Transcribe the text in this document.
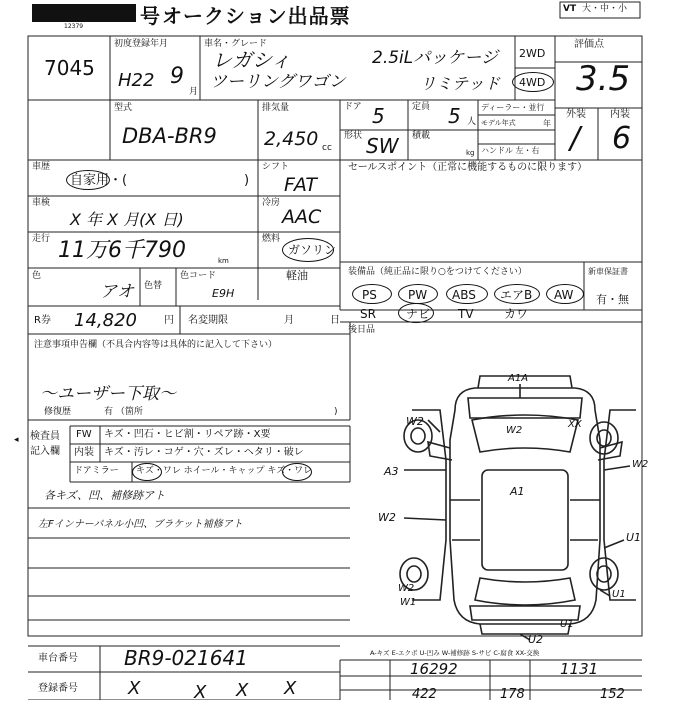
12379	号 オークション出品票	VT 大・中・小
7045
初度登録年月
H22 9
月
車名・グレード
レガシィ
ツーリングワゴン
2.5iLパッケージ
リミテッド
2WD
4WD
評価点
3.5
外装 内装
/ 6
型式
DBA-BR9
排気量
2,450 cc
ドア 5	定員 5 人
形状 SW 積載
kg
ディーラー・並行
モデル年式	年
ハンドル 左・右
車歴
自家用・(	)
シフト
FAT
セールスポイント（正常に機能するものに限ります）
車検
X 年 X 月(X 日)
冷房
AAC
走行 11万6千790	km
燃料
ガソリン
軽油
色
アオ 色替
色コード
E9H
装備品（純正品に限り○をつけてください）
PS	PW ABS エアB AW
SR	ナビ TV	カワ
新車保証書
有・無
R券 14,820	円 名変期限	月	日
後日品
注意事項申告欄（不具合内容等は具体的に記入して下さい）
〜ユーザー下取〜
修復歴	有 （箇所	)
◂ 検査員
記入欄
FW キズ・凹石・ヒビ割・リペア跡・X要
内装 キズ・汚レ・コゲ・穴・ズレ・ヘタリ・破レ
ドアミラー キズ・ワレ ホイール・キャップ キズ・ワレ
各キズ、凹、補修跡アト
左Fインナーパネル小凹、ブラケット補修アト
A1A
W2
W2
XX
A3
W2
A1
W2
U1
W2
U1
W1
U1
U2
車台番号 BR9-021641
登録番号	X	X X X
A-キズ E-エクボ U-凹み W-補修跡 S-サビ C-腐食 XX-交換
16292	1131
422	178	152
